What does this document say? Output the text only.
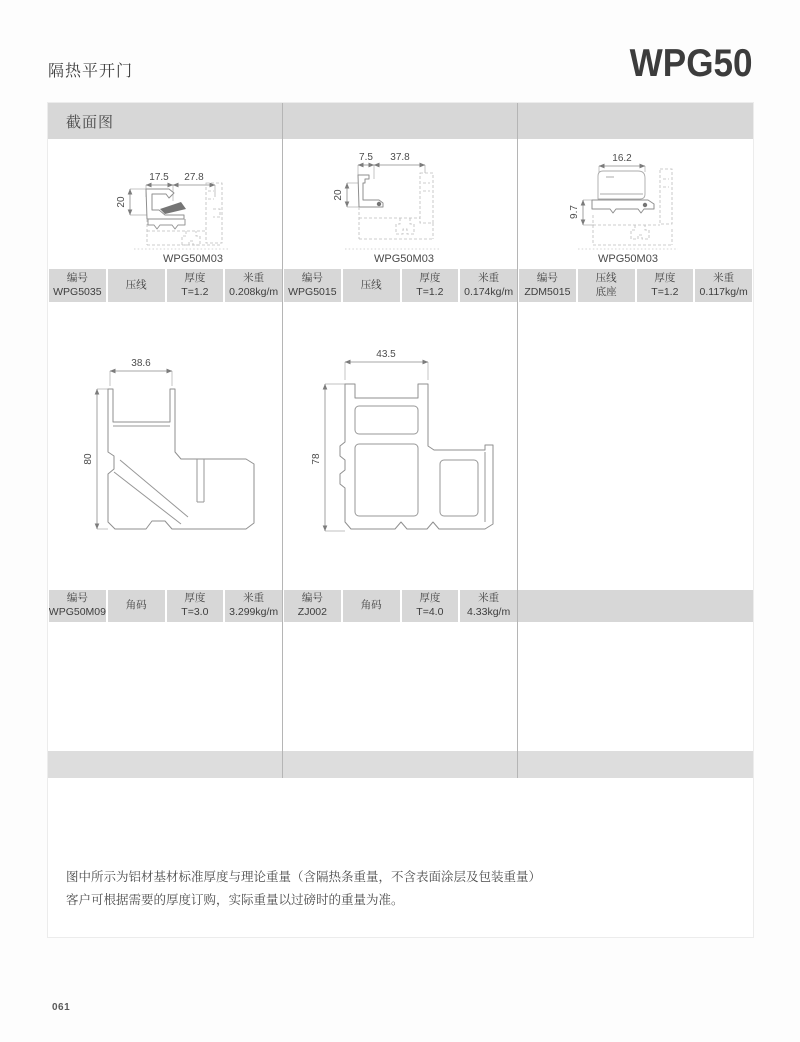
隔热平开门	WPG50
截面图
17.5 27.8
20
WPG50M03
7.5 37.8
20
WPG50M03
16.2
9.7
WPG50M03
编号
WPG5035
压线
厚度
T=1.2
米重
0.208kg/m
编号
WPG5015
压线
厚度
T=1.2
米重
0.174kg/m
编号
ZDM5015
压线
底座
厚度
T=1.2
米重
0.117kg/m
38.6
80
43.5
78
编号
WPG50M09
角码
厚度
T=3.0
米重
3.299kg/m
编号
ZJ002
角码
厚度
T=4.0
米重
4.33kg/m

图中所示为铝材基材标准厚度与理论重量（含隔热条重量，不含表面涂层及包装重量）

客户可根据需要的厚度订购，实际重量以过磅时的重量为准。

061
